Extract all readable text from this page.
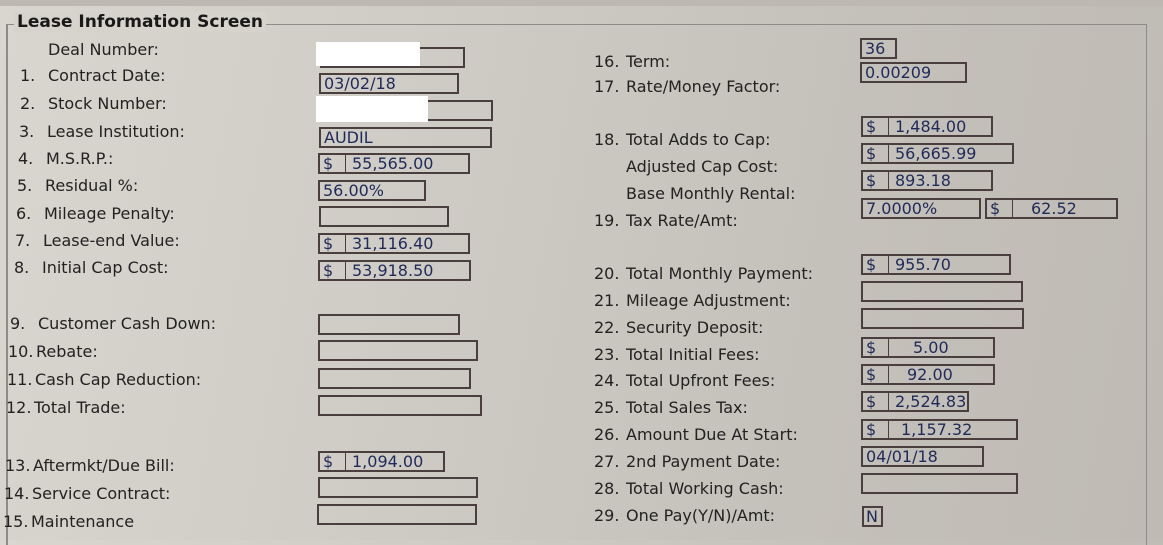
Lease Information Screen
Deal Number:
1. Contract Date:
2. Stock Number:
3. Lease Institution:
4. M.S.R.P.:
5. Residual %:
6. Mileage Penalty:
7. Lease-end Value:
8. Initial Cap Cost:
9. Customer Cash Down:
10. Rebate:
11. Cash Cap Reduction:
12. Total Trade:
13. Aftermkt/Due Bill:
14. Service Contract:
15. Maintenance
03/02/18
AUDIL
$ 55,565.00
56.00%
$ 31,116.40
$ 53,918.50
$ 1,094.00
16. Term:
17. Rate/Money Factor:
18. Total Adds to Cap:
Adjusted Cap Cost:
Base Monthly Rental:
19. Tax Rate/Amt:
20. Total Monthly Payment:
21. Mileage Adjustment:
22. Security Deposit:
23. Total Initial Fees:
24. Total Upfront Fees:
25. Total Sales Tax:
26. Amount Due At Start:
27. 2nd Payment Date:
28. Total Working Cash:
29. One Pay(Y/N)/Amt:
36
0.00209
$ 1,484.00
$ 56,665.99
$ 893.18
7.0000%	$ 62.52
$ 955.70
$ 5.00
$ 92.00
$ 2,524.83
$ 1,157.32
04/01/18
N
